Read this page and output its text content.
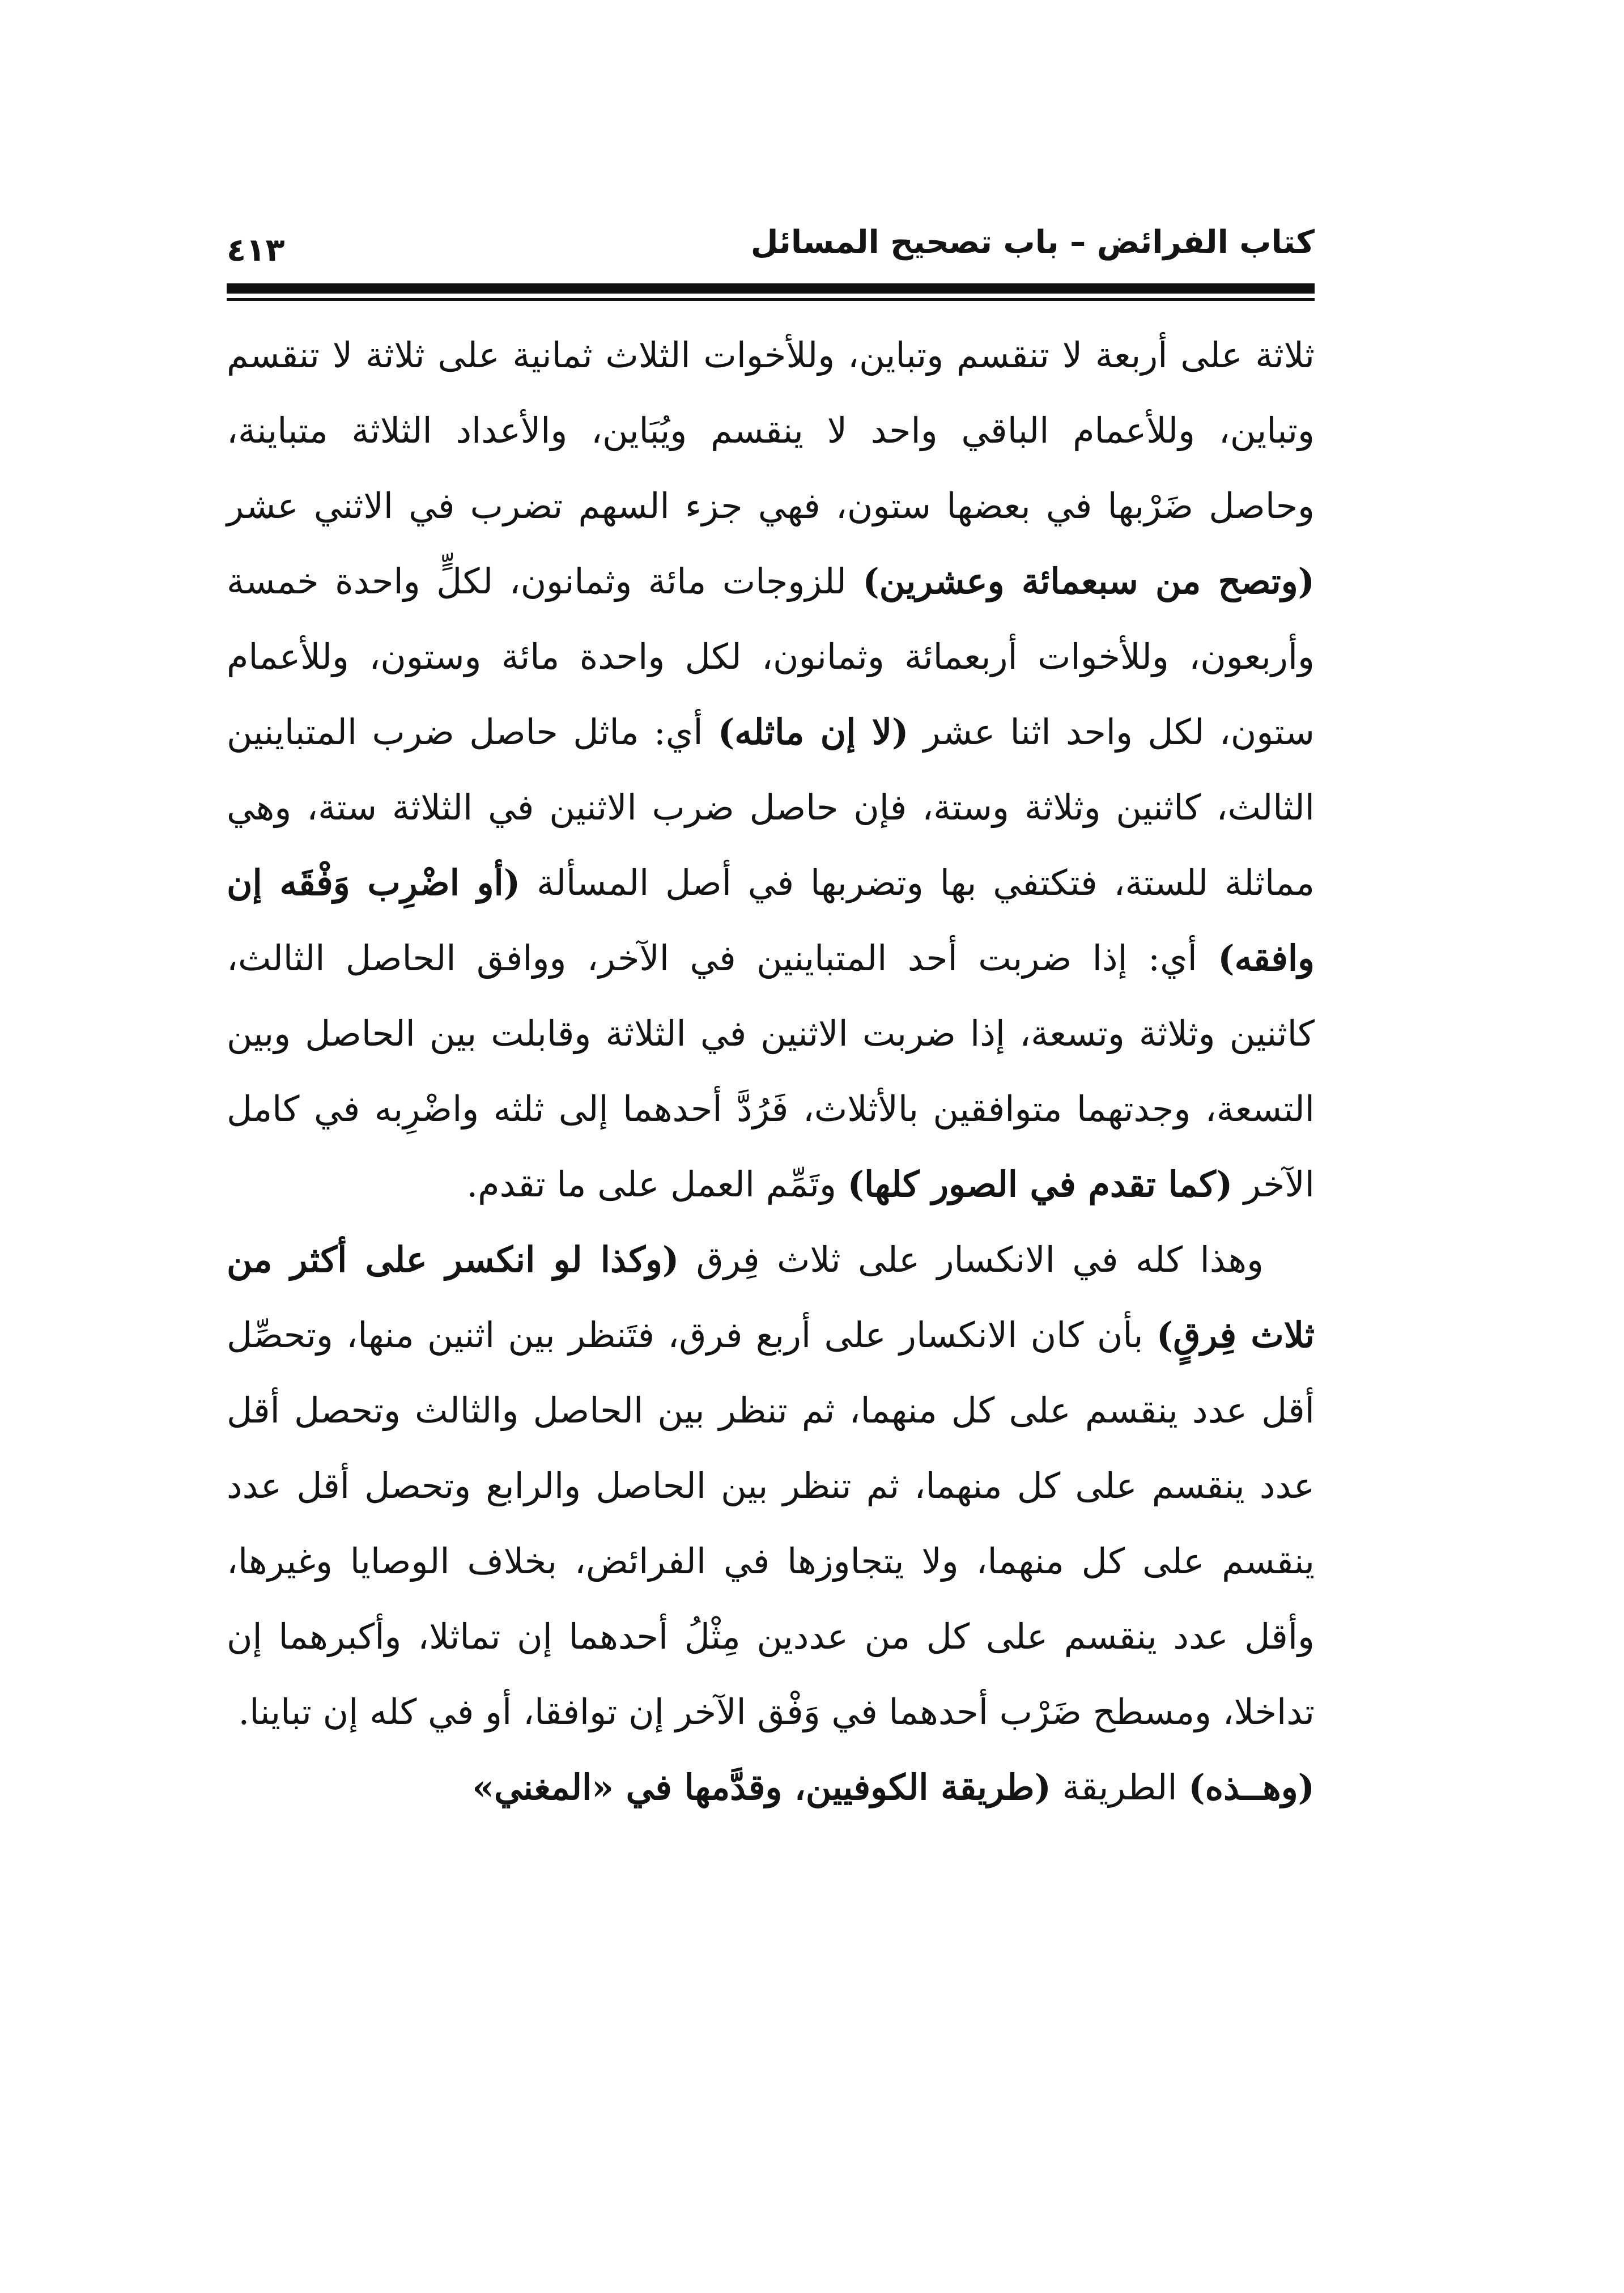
كتاب الفرائض – باب تصحيح المسائل
٤١٣

ثلاثة على أربعة لا تنقسم وتباين، وللأخوات الثلاث ثمانية على ثلاثة لا تنقسم وتباين، وللأعمام الباقي واحد لا ينقسم ويُبَاين، والأعداد الثلاثة متباينة، وحاصل ضَرْبها في بعضها ستون، فهي جزء السهم تضرب في الاثني عشر (وتصح من سبعمائة وعشرين) للزوجات مائة وثمانون، لكلٍّ واحدة خمسة وأربعون، وللأخوات أربعمائة وثمانون، لكل واحدة مائة وستون، وللأعمام ستون، لكل واحد اثنا عشر (لا إن ماثله) أي: ماثل حاصل ضرب المتباينين الثالث، كاثنين وثلاثة وستة، فإن حاصل ضرب الاثنين في الثلاثة ستة، وهي مماثلة للستة، فتكتفي بها وتضربها في أصل المسألة (أو اضْرِب وَفْقَه إن وافقه) أي: إذا ضربت أحد المتباينين في الآخر، ووافق الحاصل الثالث، كاثنين وثلاثة وتسعة، إذا ضربت الاثنين في الثلاثة وقابلت بين الحاصل وبين التسعة، وجدتهما متوافقين بالأثلاث، فَرُدَّ أحدهما إلى ثلثه واضْرِبه في كامل الآخر (كما تقدم في الصور كلها) وتَمِّم العمل على ما تقدم.

وهذا كله في الانكسار على ثلاث فِرق (وكذا لو انكسر على أكثر من ثلاث فِرقٍ) بأن كان الانكسار على أربع فرق، فتَنظر بين اثنين منها، وتحصِّل أقل عدد ينقسم على كل منهما، ثم تنظر بين الحاصل والثالث وتحصل أقل عدد ينقسم على كل منهما، ثم تنظر بين الحاصل والرابع وتحصل أقل عدد ينقسم على كل منهما، ولا يتجاوزها في الفرائض، بخلاف الوصايا وغيرها، وأقل عدد ينقسم على كل من عددين مِثْلُ أحدهما إن تماثلا، وأكبرهما إن تداخلا، ومسطح ضَرْب أحدهما في وَفْق الآخر إن توافقا، أو في كله إن تباينا.

(وهــذه) الطريقة (طريقة الكوفيين، وقدَّمها في «المغني»
